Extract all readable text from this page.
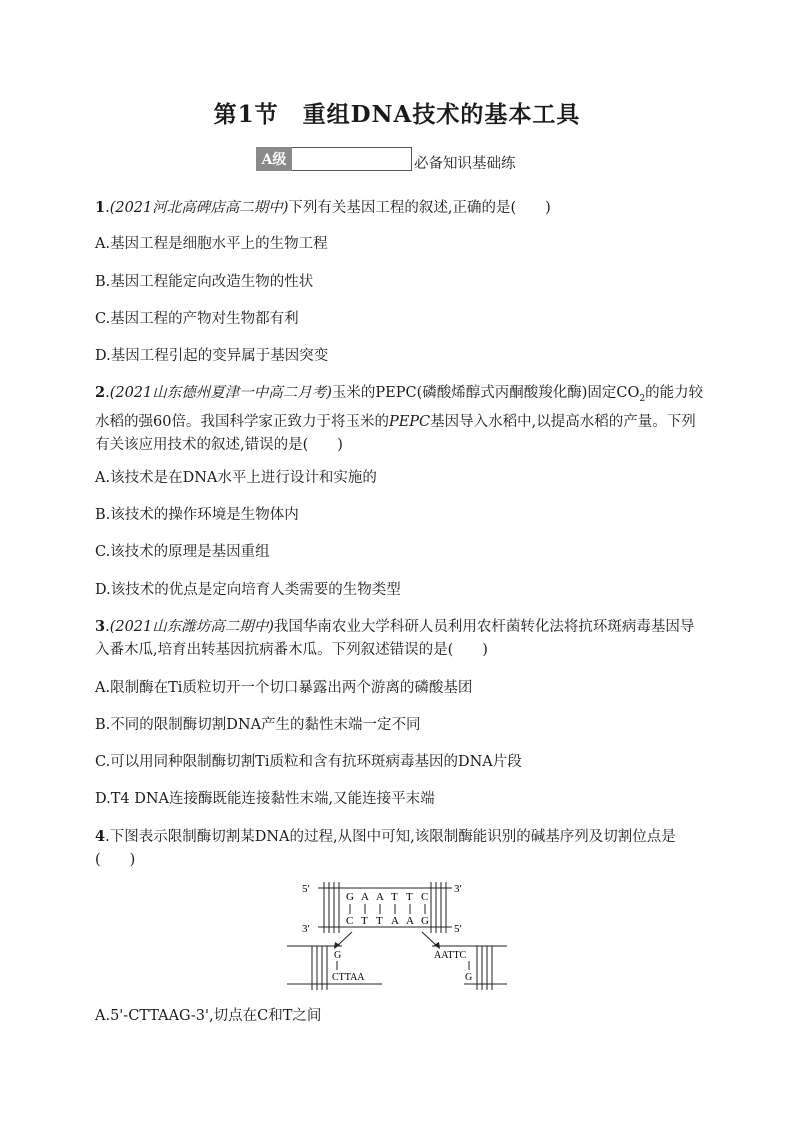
第1节　重组DNA技术的基本工具
A级	必备知识基础练
1.(2021河北高碑店高二期中)下列有关基因工程的叙述,正确的是(　　)
A.基因工程是细胞水平上的生物工程
B.基因工程能定向改造生物的性状
C.基因工程的产物对生物都有利
D.基因工程引起的变异属于基因突变
2.(2021山东德州夏津一中高二月考)玉米的PEPC(磷酸烯醇式丙酮酸羧化酶)固定$CO_2$的能力较水稻的强60倍。我国科学家正致力于将玉米的PEPC基因导入水稻中,以提高水稻的产量。下列有关该应用技术的叙述,错误的是(　　)
A.该技术是在DNA水平上进行设计和实施的
B.该技术的操作环境是生物体内
C.该技术的原理是基因重组
D.该技术的优点是定向培育人类需要的生物类型
3.(2021山东潍坊高二期中)我国华南农业大学科研人员利用农杆菌转化法将抗环斑病毒基因导入番木瓜,培育出转基因抗病番木瓜。下列叙述错误的是(　　)
A.限制酶在Ti质粒切开一个切口暴露出两个游离的磷酸基团
B.不同的限制酶切割DNA产生的黏性末端一定不同
C.可以用同种限制酶切割Ti质粒和含有抗环斑病毒基因的DNA片段
D.T4 DNA连接酶既能连接黏性末端,又能连接平末端
4.下图表示限制酶切割某DNA的过程,从图中可知,该限制酶能识别的碱基序列及切割位点是(　　)
5′	3′
3′	5′
G
C
A
T
A
T
T
A
T
A
C
G
G
CTTAA
AATTC
G
A.5'-CTTAAG-3',切点在C和T之间
